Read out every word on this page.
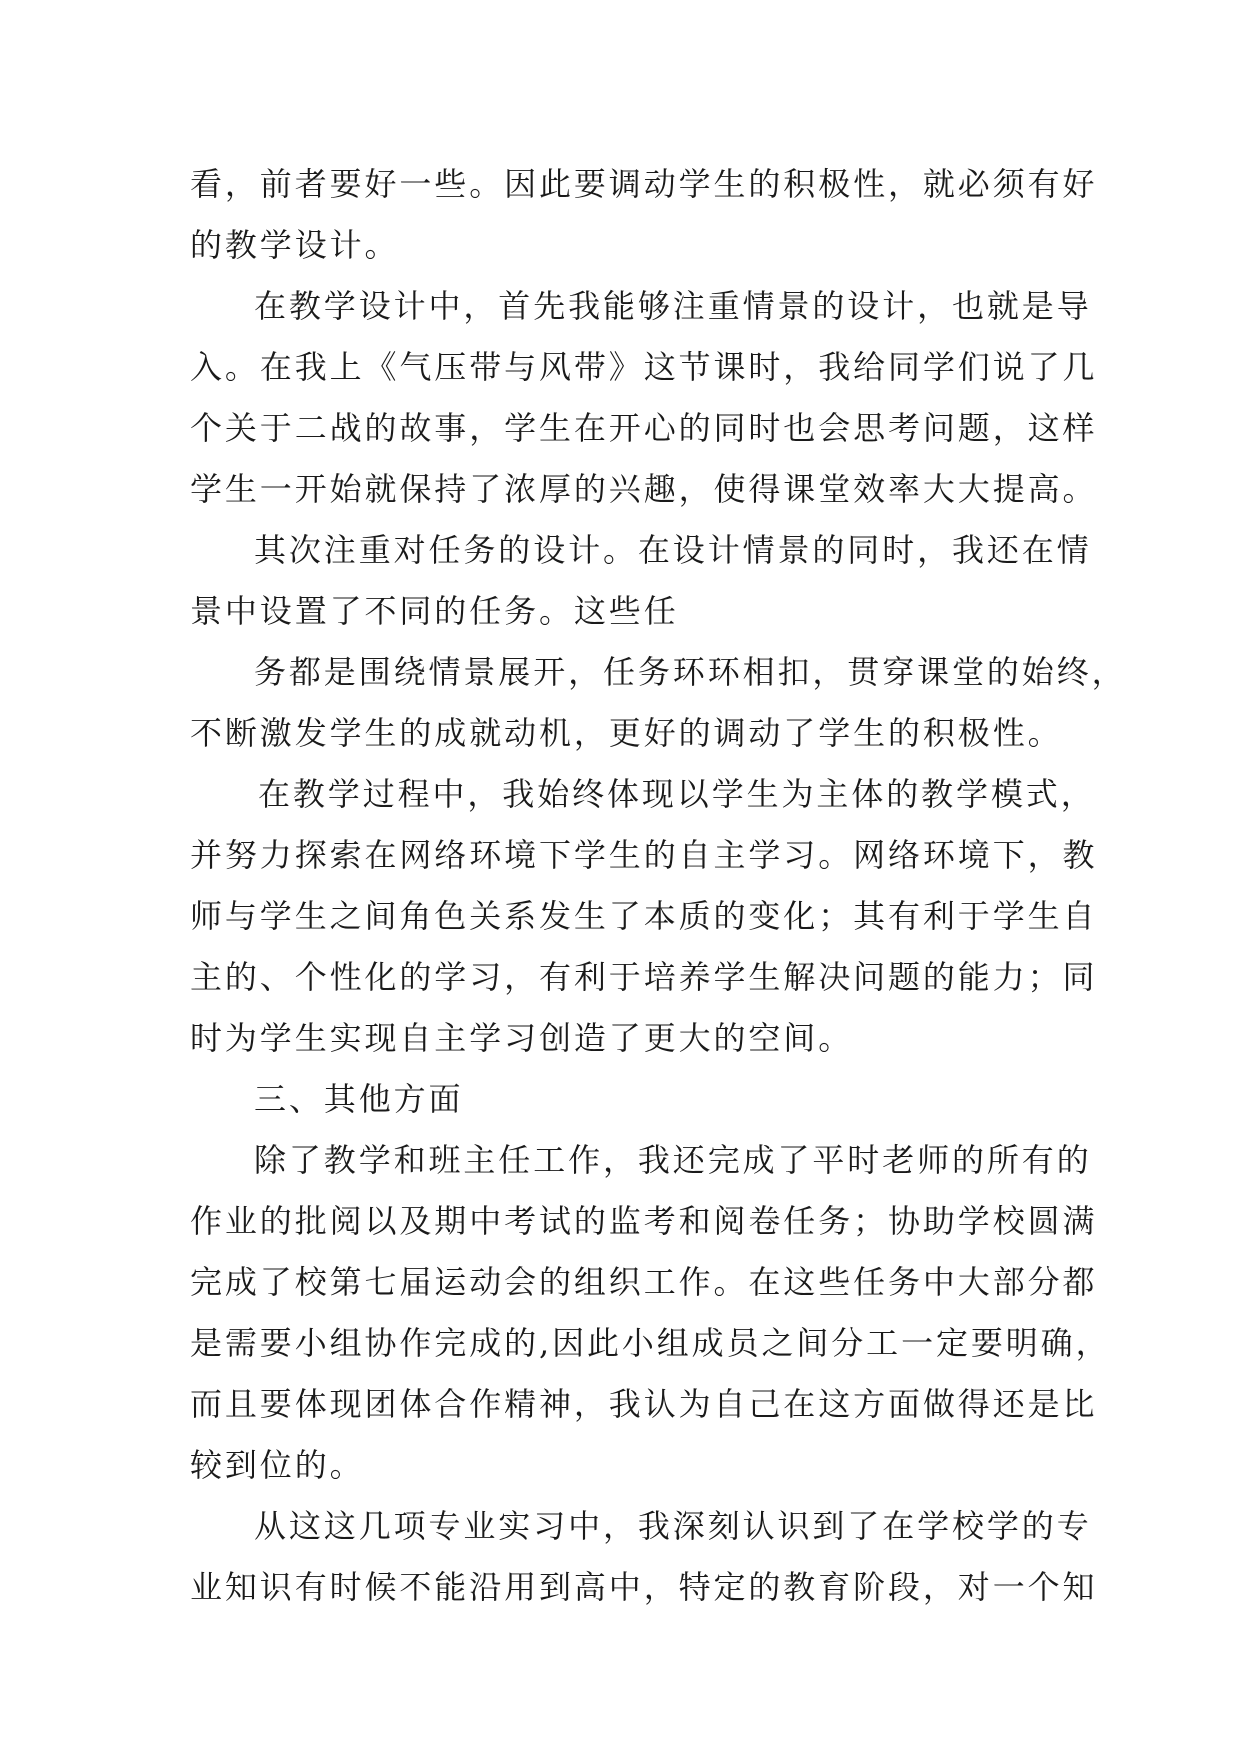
看，前者要好一些。因此要调动学生的积极性，就必须有好
的教学设计。
在教学设计中，首先我能够注重情景的设计，也就是导
入。在我上《气压带与风带》这节课时，我给同学们说了几
个关于二战的故事，学生在开心的同时也会思考问题，这样
学生一开始就保持了浓厚的兴趣，使得课堂效率大大提高。
其次注重对任务的设计。在设计情景的同时，我还在情
景中设置了不同的任务。这些任
务都是围绕情景展开，任务环环相扣，贯穿课堂的始终，
不断激发学生的成就动机，更好的调动了学生的积极性。
在教学过程中，我始终体现以学生为主体的教学模式，
并努力探索在网络环境下学生的自主学习。网络环境下，教
师与学生之间角色关系发生了本质的变化；其有利于学生自
主的、个性化的学习，有利于培养学生解决问题的能力；同
时为学生实现自主学习创造了更大的空间。
三、其他方面
除了教学和班主任工作，我还完成了平时老师的所有的
作业的批阅以及期中考试的监考和阅卷任务；协助学校圆满
完成了校第七届运动会的组织工作。在这些任务中大部分都
是需要小组协作完成的,因此小组成员之间分工一定要明确，
而且要体现团体合作精神，我认为自己在这方面做得还是比
较到位的。
从这这几项专业实习中，我深刻认识到了在学校学的专
业知识有时候不能沿用到高中，特定的教育阶段，对一个知
